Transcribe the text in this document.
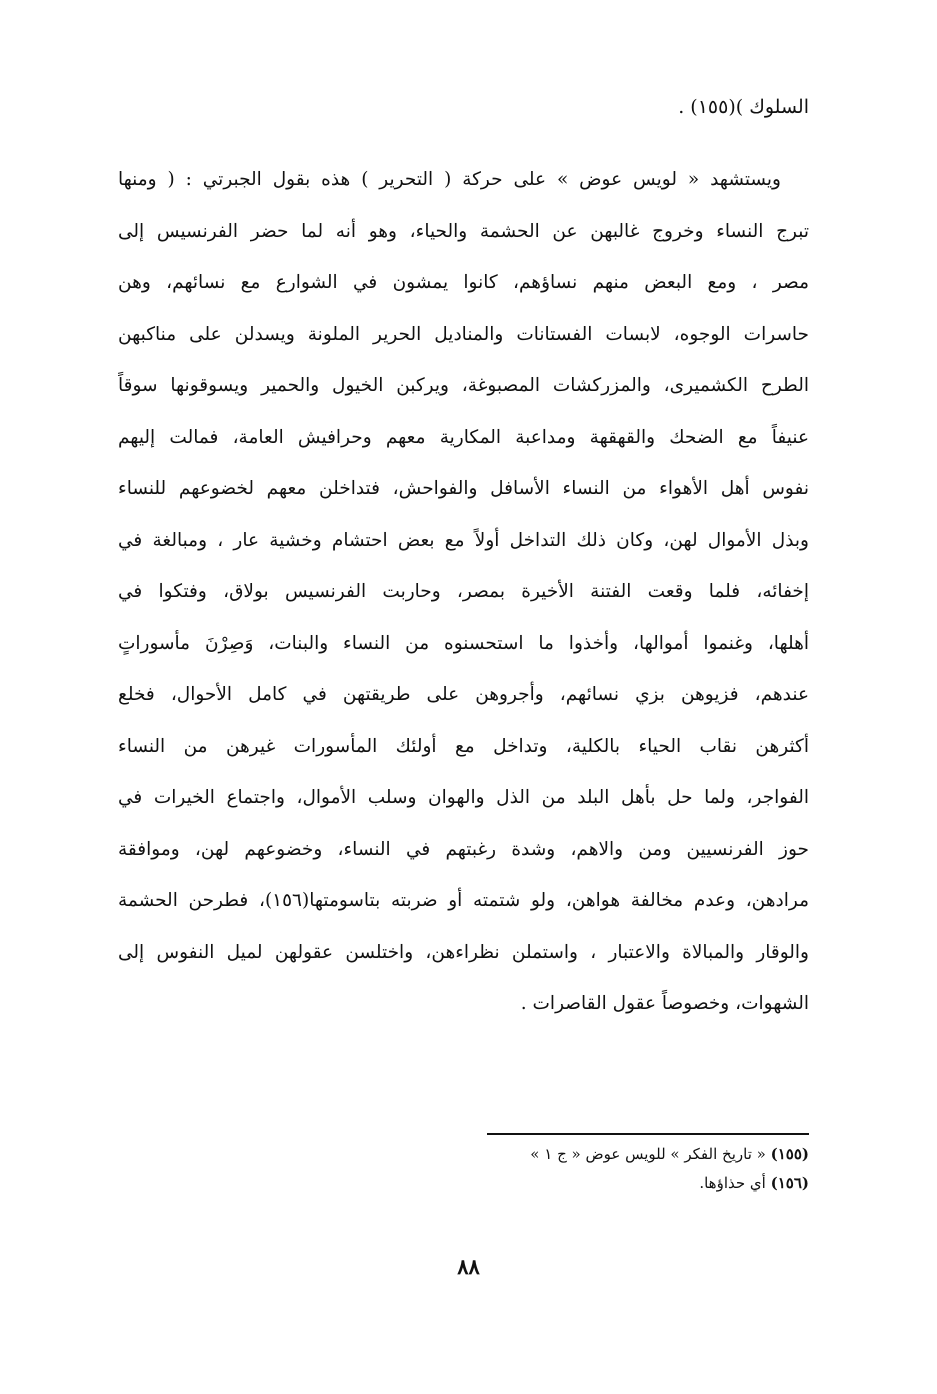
السلوك )(١٥٥) .
ويستشهد « لويس عوض » على حركة ( التحرير ) هذه بقول الجبرتي : ( ومنها
تبرج النساء وخروج غالبهن عن الحشمة والحياء، وهو أنه لما حضر الفرنسيس إلى
مصر ، ومع البعض منهم نساؤهم، كانوا يمشون في الشوارع مع نسائهم، وهن
حاسرات الوجوه، لابسات الفستانات والمناديل الحرير الملونة ويسدلن على مناكبهن
الطرح الكشميرى، والمزركشات المصبوغة، ويركبن الخيول والحمير ويسوقونها سوقاً
عنيفاً مع الضحك والقهقهة ومداعبة المكارية معهم وحرافيش العامة، فمالت إليهم
نفوس أهل الأهواء من النساء الأسافل والفواحش، فتداخلن معهم لخضوعهم للنساء
وبذل الأموال لهن، وكان ذلك التداخل أولاً مع بعض احتشام وخشية عار ، ومبالغة في
إخفائه، فلما وقعت الفتنة الأخيرة بمصر، وحاربت الفرنسيس بولاق، وفتكوا في
أهلها، وغنموا أموالها، وأخذوا ما استحسنوه من النساء والبنات، وَصِرْنَ مأسوراتٍ
عندهم، فزيوهن بزي نسائهم، وأجروهن على طريقتهن في كامل الأحوال، فخلع
أكثرهن نقاب الحياء بالكلية، وتداخل مع أولئك المأسورات غيرهن من النساء
الفواجر، ولما حل بأهل البلد من الذل والهوان وسلب الأموال، واجتماع الخيرات في
حوز الفرنسيين ومن والاهم، وشدة رغبتهم في النساء، وخضوعهم لهن، وموافقة
مرادهن، وعدم مخالفة هواهن، ولو شتمته أو ضربته بتاسومتها(١٥٦)، فطرحن الحشمة
والوقار والمبالاة والاعتبار ، واستملن نظراءهن، واختلسن عقولهن لميل النفوس إلى
الشهوات، وخصوصاً عقول القاصرات .
(١٥٥) « تاريخ الفكر » للويس عوض « ج ١ »
(١٥٦) أي حذاؤها.
٨٨
